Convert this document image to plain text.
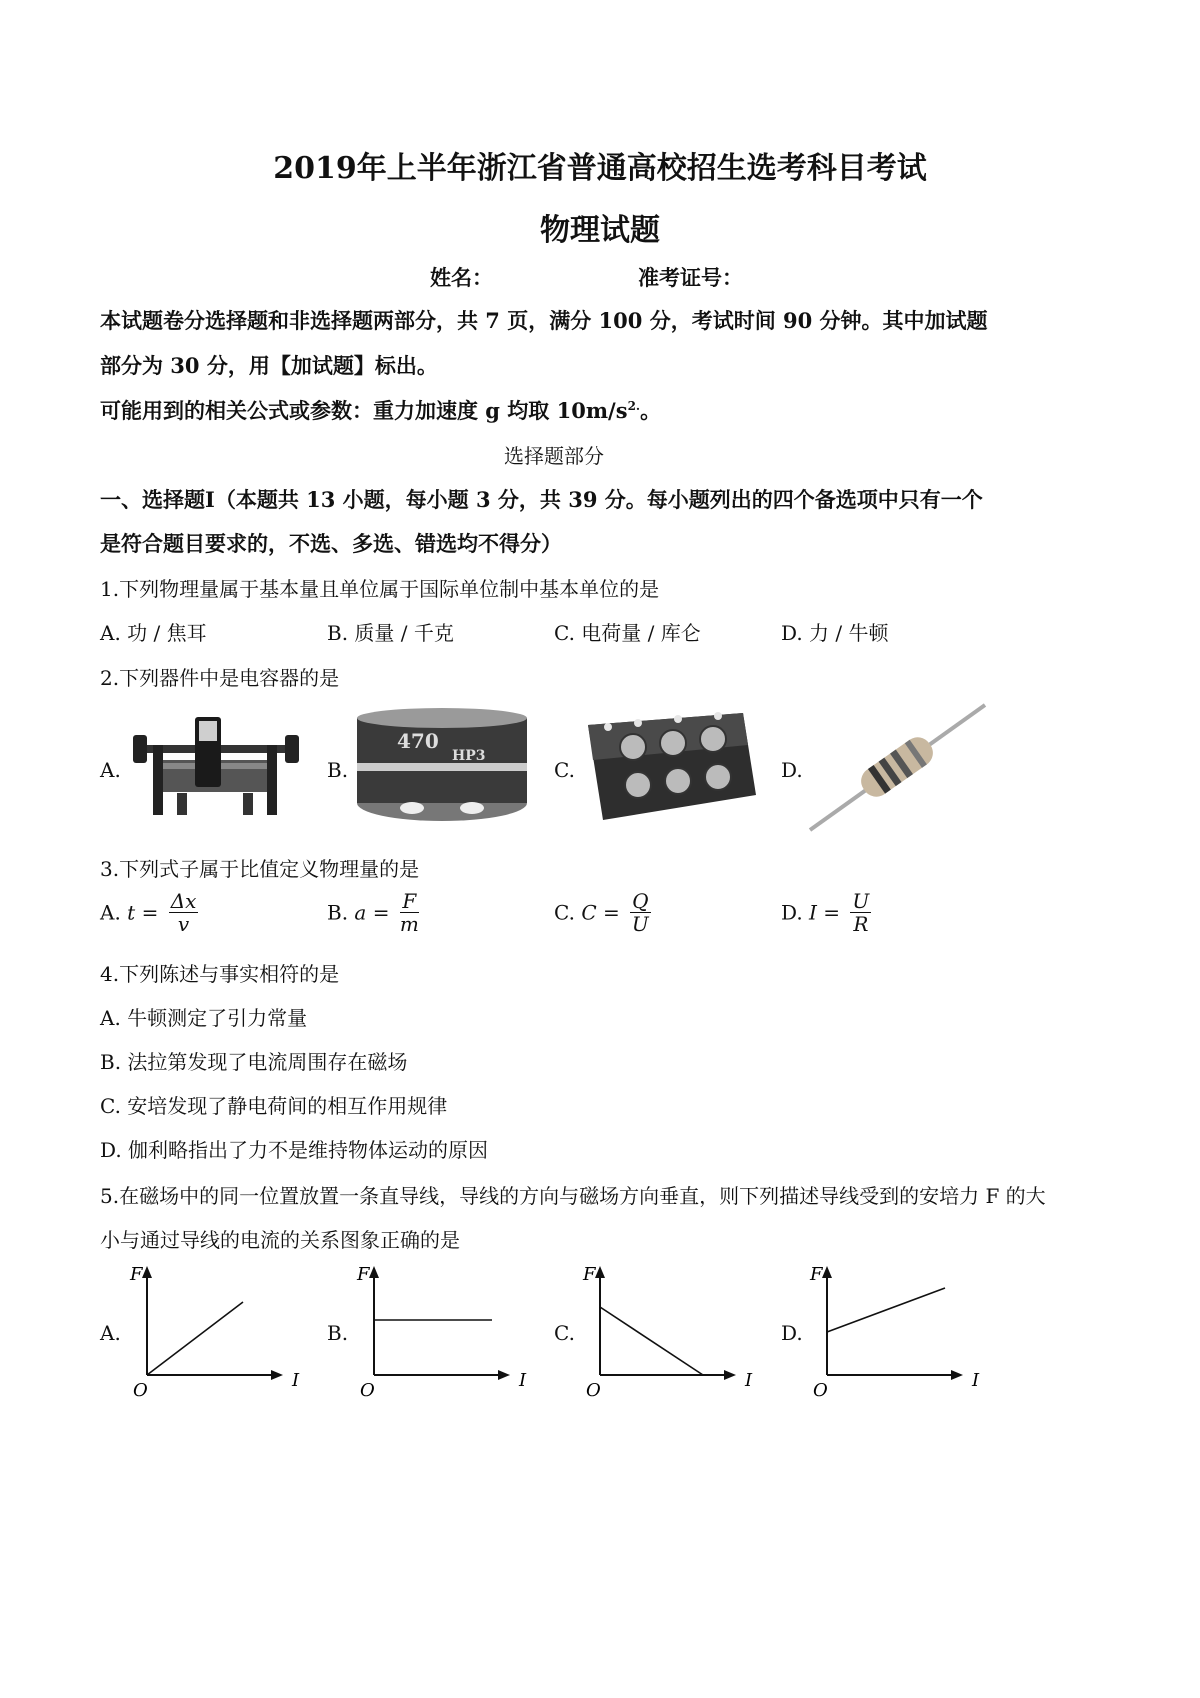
2019年上半年浙江省普通高校招生选考科目考试
物理试题
姓名：	准考证号：
本试题卷分选择题和非选择题两部分，共 7 页，满分 100 分，考试时间 90 分钟。其中加试题
部分为 30 分，用【加试题】标出。
可能用到的相关公式或参数：重力加速度 g 均取 $10m/s^{2.}$。
选择题部分
一、选择题Ⅰ（本题共 13 小题，每小题 3 分，共 39 分。每小题列出的四个备选项中只有一个
是符合题目要求的，不选、多选、错选均不得分）
1.下列物理量属于基本量且单位属于国际单位制中基本单位的是
A. 功 / 焦耳	B. 质量 / 千克	C. 电荷量 / 库仑	D. 力 / 牛顿
2.下列器件中是电容器的是
A.	B.	C.	D.
470
HP3
3.下列式子属于比值定义物理量的是
A. $t = \frac{\Delta x}{v}$	B. $a = \frac{F}{m}$	C. $C = \frac{Q}{U}$	D. $I = \frac{U}{R}$
4.下列陈述与事实相符的是
A. 牛顿测定了引力常量
B. 法拉第发现了电流周围存在磁场
C. 安培发现了静电荷间的相互作用规律
D. 伽利略指出了力不是维持物体运动的原因
5.在磁场中的同一位置放置一条直导线，导线的方向与磁场方向垂直，则下列描述导线受到的安培力 F 的大
小与通过导线的电流的关系图象正确的是
A.	B.	C.	D.
F
I
O
F
I
O
F
I
O
F
I
O
